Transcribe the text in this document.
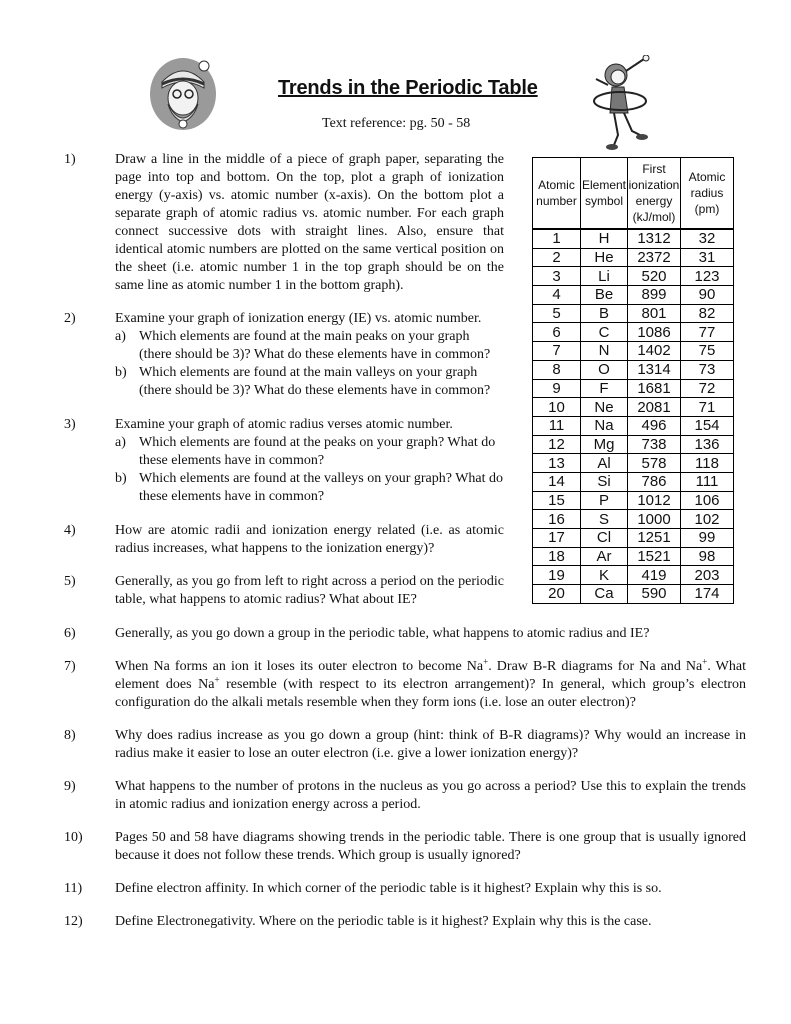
Trends in the Periodic Table
Text reference: pg. 50 - 58
Atomic number	Element symbol	First ionization energy (kJ/mol)	Atomic radius (pm)
1	H	1312	32
2	He	2372	31
3	Li	520	123
4	Be	899	90
5	B	801	82
6	C	1086	77
7	N	1402	75
8	O	1314	73
9	F	1681	72
10	Ne	2081	71
11	Na	496	154
12	Mg	738	136
13	Al	578	118
14	Si	786	111
15	P	1012	106
16	S	1000	102
17	Cl	1251	99
18	Ar	1521	98
19	K	419	203
20	Ca	590	174
1)	Draw a line in the middle of a piece of graph paper, separating the page into top and bottom. On the top, plot a graph of ionization energy (y-axis) vs. atomic number (x-axis). On the bottom plot a separate graph of atomic radius vs. atomic number. For each graph connect successive dots with straight lines. Also, ensure that identical atomic numbers are plotted on the same vertical position on the sheet (i.e. atomic number 1 in the top graph should be on the same line as atomic number 1 in the bottom graph).
2)	Examine your graph of ionization energy (IE) vs. atomic number.
a) Which elements are found at the main peaks on your graph (there should be 3)? What do these elements have in common?
b) Which elements are found at the main valleys on your graph (there should be 3)? What do these elements have in common?
3)	Examine your graph of atomic radius verses atomic number.
a) Which elements are found at the peaks on your graph? What do these elements have in common?
b) Which elements are found at the valleys on your graph? What do these elements have in common?
4)	How are atomic radii and ionization energy related (i.e. as atomic radius increases, what happens to the ionization energy)?
5)	Generally, as you go from left to right across a period on the periodic table, what happens to atomic radius? What about IE?
6)	Generally, as you go down a group in the periodic table, what happens to atomic radius and IE?
7)	When Na forms an ion it loses its outer electron to become Na+. Draw B-R diagrams for Na and Na+. What element does Na+ resemble (with respect to its electron arrangement)? In general, which group’s electron configuration do the alkali metals resemble when they form ions (i.e. lose an outer electron)?
8)	Why does radius increase as you go down a group (hint: think of B-R diagrams)? Why would an increase in radius make it easier to lose an outer electron (i.e. give a lower ionization energy)?
9)	What happens to the number of protons in the nucleus as you go across a period? Use this to explain the trends in atomic radius and ionization energy across a period.
10) Pages 50 and 58 have diagrams showing trends in the periodic table. There is one group that is usually ignored because it does not follow these trends. Which group is usually ignored?
11) Define electron affinity. In which corner of the periodic table is it highest? Explain why this is so.
12) Define Electronegativity. Where on the periodic table is it highest? Explain why this is the case.
